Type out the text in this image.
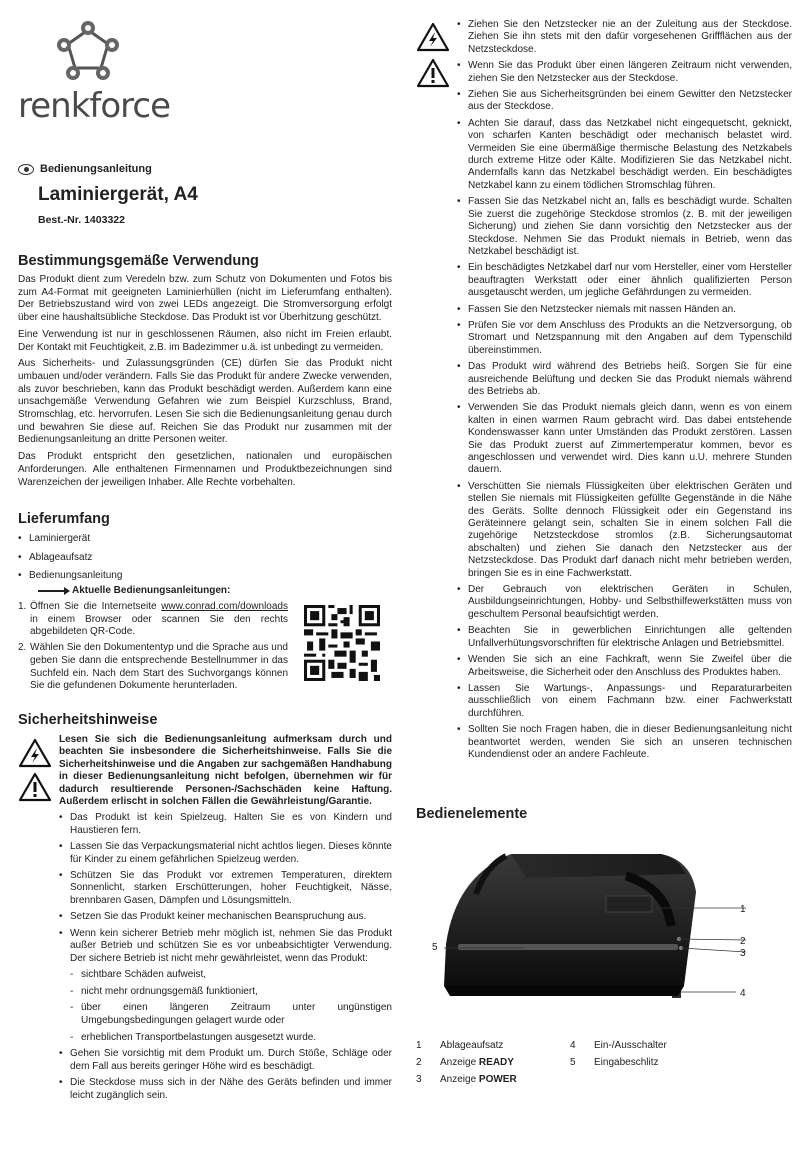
renkforce
Bedienungsanleitung
Laminiergerät, A4
Best.-Nr. 1403322
Bestimmungsgemäße Verwendung

Das Produkt dient zum Veredeln bzw. zum Schutz von Dokumenten und Fotos bis zum A4-Format mit geeigneten Laminierhüllen (nicht im Lieferumfang enthalten). Der Betriebszustand wird von zwei LEDs angezeigt. Die Stromversorgung erfolgt über eine haushaltsübliche Steckdose. Das Produkt ist vor Überhitzung geschützt.

Eine Verwendung ist nur in geschlossenen Räumen, also nicht im Freien erlaubt. Der Kontakt mit Feuchtigkeit, z.B. im Badezimmer u.ä. ist unbedingt zu vermeiden.

Aus Sicherheits- und Zulassungsgründen (CE) dürfen Sie das Produkt nicht umbauen und/oder verändern. Falls Sie das Produkt für andere Zwecke verwenden, als zuvor beschrieben, kann das Produkt beschädigt werden. Außerdem kann eine unsachgemäße Verwendung Gefahren wie zum Beispiel Kurzschluss, Brand, Stromschlag, etc. hervorrufen. Lesen Sie sich die Bedienungsanleitung genau durch und bewahren Sie diese auf. Reichen Sie das Produkt nur zusammen mit der Bedienungsanleitung an dritte Personen weiter.

Das Produkt entspricht den gesetzlichen, nationalen und europäischen Anforderungen. Alle enthaltenen Firmennamen und Produktbezeichnungen sind Warenzeichen der jeweiligen Inhaber. Alle Rechte vorbehalten.

Lieferumfang
• Laminiergerät
• Ablageaufsatz
• Bedienungsanleitung
Aktuelle Bedienungsanleitungen:
1. Öffnen Sie die Internetseite www.conrad.com/downloads in einem Browser oder scannen Sie den rechts abgebildeten QR-Code.
2. Wählen Sie den Dokumententyp und die Sprache aus und geben Sie dann die entsprechende Bestellnummer in das Suchfeld ein. Nach dem Start des Suchvorgangs können Sie die gefundenen Dokumente herunterladen.
Sicherheitshinweise

Lesen Sie sich die Bedienungsanleitung aufmerksam durch und beachten Sie insbesondere die Sicherheitshinweise. Falls Sie die Sicherheitshinweise und die Angaben zur sachgemäßen Handhabung in dieser Bedienungsanleitung nicht befolgen, übernehmen wir für dadurch resultierende Personen-/Sachschäden keine Haftung. Außerdem erlischt in solchen Fällen die Gewährleistung/Garantie.

• Das Produkt ist kein Spielzeug. Halten Sie es von Kindern und Haustieren fern.
• Lassen Sie das Verpackungsmaterial nicht achtlos liegen. Dieses könnte für Kinder zu einem gefährlichen Spielzeug werden.
• Schützen Sie das Produkt vor extremen Temperaturen, direktem Sonnenlicht, starken Erschütterungen, hoher Feuchtigkeit, Nässe, brennbaren Gasen, Dämpfen und Lösungsmitteln.
• Setzen Sie das Produkt keiner mechanischen Beanspruchung aus.
• Wenn kein sicherer Betrieb mehr möglich ist, nehmen Sie das Produkt außer Betrieb und schützen Sie es vor unbeabsichtigter Verwendung. Der sichere Betrieb ist nicht mehr gewährleistet, wenn das Produkt:
- sichtbare Schäden aufweist,
- nicht mehr ordnungsgemäß funktioniert,
- über einen längeren Zeitraum unter ungünstigen Umgebungsbedingungen gelagert wurde oder
- erheblichen Transportbelastungen ausgesetzt wurde.
• Gehen Sie vorsichtig mit dem Produkt um. Durch Stöße, Schläge oder dem Fall aus bereits geringer Höhe wird es beschädigt.
• Die Steckdose muss sich in der Nähe des Geräts befinden und immer leicht zugänglich sein.
• Ziehen Sie den Netzstecker nie an der Zuleitung aus der Steckdose. Ziehen Sie ihn stets mit den dafür vorgesehenen Griffflächen aus der Netzsteckdose.
• Wenn Sie das Produkt über einen längeren Zeitraum nicht verwenden, ziehen Sie den Netzstecker aus der Steckdose.
• Ziehen Sie aus Sicherheitsgründen bei einem Gewitter den Netzstecker aus der Steckdose.
• Achten Sie darauf, dass das Netzkabel nicht eingequetscht, geknickt, von scharfen Kanten beschädigt oder mechanisch belastet wird. Vermeiden Sie eine übermäßige thermische Belastung des Netzkabels durch extreme Hitze oder Kälte. Modifizieren Sie das Netzkabel nicht. Andernfalls kann das Netzkabel beschädigt werden. Ein beschädigtes Netzkabel kann zu einem tödlichen Stromschlag führen.
• Fassen Sie das Netzkabel nicht an, falls es beschädigt wurde. Schalten Sie zuerst die zugehörige Steckdose stromlos (z. B. mit der jeweiligen Sicherung) und ziehen Sie dann vorsichtig den Netzstecker aus der Steckdose. Nehmen Sie das Produkt niemals in Betrieb, wenn das Netzkabel beschädigt ist.
• Ein beschädigtes Netzkabel darf nur vom Hersteller, einer vom Hersteller beauftragten Werkstatt oder einer ähnlich qualifizierten Person ausgetauscht werden, um jegliche Gefährdungen zu vermeiden.
• Fassen Sie den Netzstecker niemals mit nassen Händen an.
• Prüfen Sie vor dem Anschluss des Produkts an die Netzversorgung, ob Stromart und Netzspannung mit den Angaben auf dem Typenschild übereinstimmen.
• Das Produkt wird während des Betriebs heiß. Sorgen Sie für eine ausreichende Belüftung und decken Sie das Produkt niemals während des Betriebs ab.
• Verwenden Sie das Produkt niemals gleich dann, wenn es von einem kalten in einen warmen Raum gebracht wird. Das dabei entstehende Kondenswasser kann unter Umständen das Produkt zerstören. Lassen Sie das Produkt zuerst auf Zimmertemperatur kommen, bevor es angeschlossen und verwendet wird. Dies kann u.U. mehrere Stunden dauern.
• Verschütten Sie niemals Flüssigkeiten über elektrischen Geräten und stellen Sie niemals mit Flüssigkeiten gefüllte Gegenstände in die Nähe des Geräts. Sollte dennoch Flüssigkeit oder ein Gegenstand ins Geräteinnere gelangt sein, schalten Sie in einem solchen Fall die zugehörige Netzsteckdose stromlos (z.B. Sicherungsautomat abschalten) und ziehen Sie danach den Netzstecker aus der Netzsteckdose. Das Produkt darf danach nicht mehr betrieben werden, bringen Sie es in eine Fachwerkstatt.
• Der Gebrauch von elektrischen Geräten in Schulen, Ausbildungseinrichtungen, Hobby- und Selbsthilfewerkstätten muss von geschultem Personal beaufsichtigt werden.
• Beachten Sie in gewerblichen Einrichtungen alle geltenden Unfallverhütungsvorschriften für elektrische Anlagen und Betriebsmittel.
• Wenden Sie sich an eine Fachkraft, wenn Sie Zweifel über die Arbeitsweise, die Sicherheit oder den Anschluss des Produktes haben.
• Lassen Sie Wartungs-, Anpassungs- und Reparaturarbeiten ausschließlich von einem Fachmann bzw. einer Fachwerkstatt durchführen.
• Sollten Sie noch Fragen haben, die in dieser Bedienungsanleitung nicht beantwortet werden, wenden Sie sich an unseren technischen Kundendienst oder an andere Fachleute.
Bedienelemente
1
2
3
4
5
1	Ablageaufsatz	4	Ein-/Ausschalter
2	Anzeige READY	5	Eingabeschlitz
3	Anzeige POWER		
